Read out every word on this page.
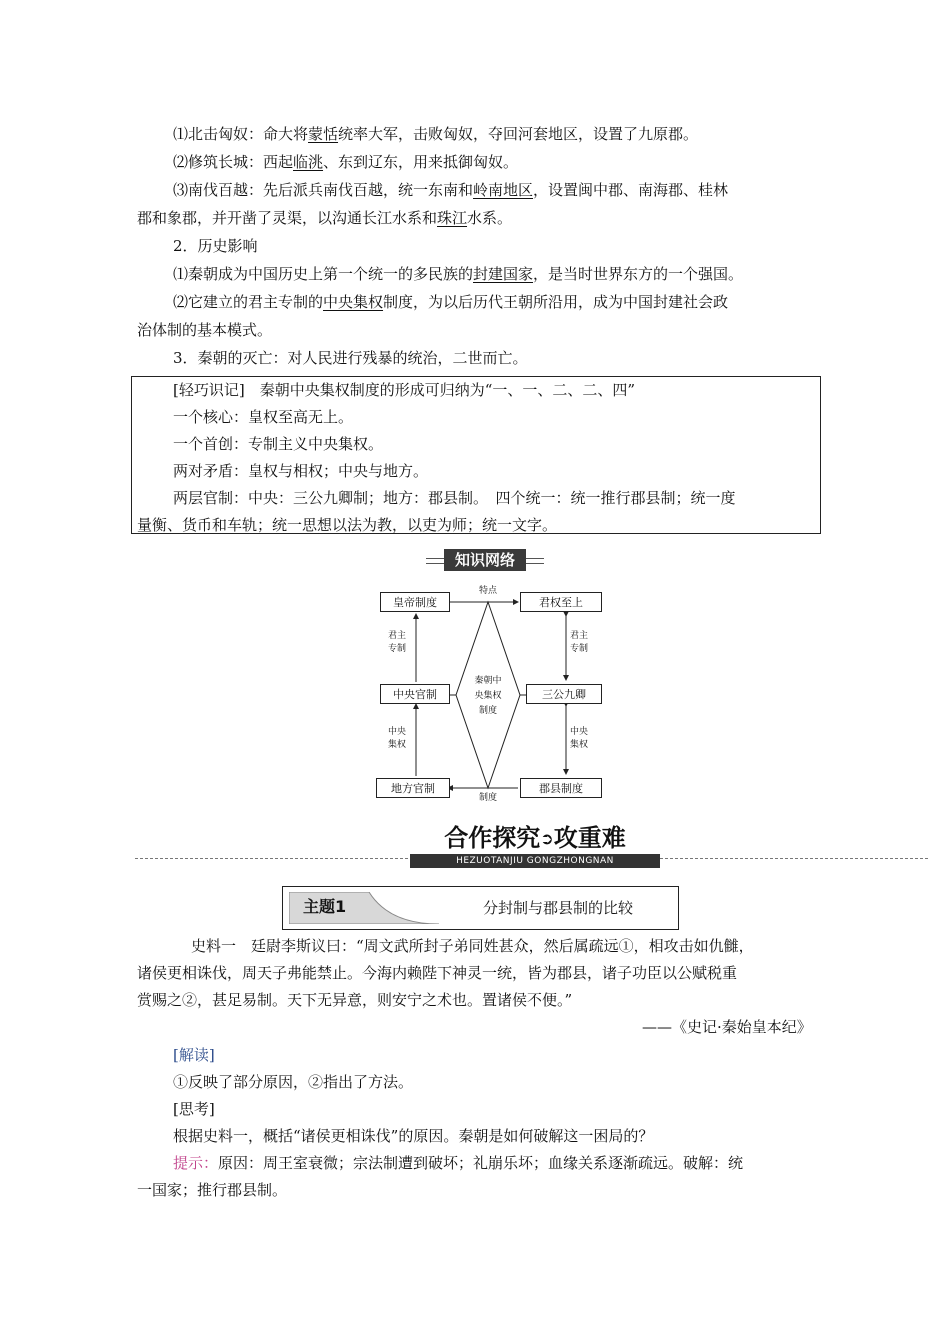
⑴北击匈奴：命大将蒙恬统率大军，击败匈奴，夺回河套地区，设置了九原郡。
⑵修筑长城：西起临洮、东到辽东，用来抵御匈奴。
⑶南伐百越：先后派兵南伐百越，统一东南和岭南地区，设置闽中郡、南海郡、桂林
郡和象郡，并开凿了灵渠，以沟通长江水系和珠江水系。
2．历史影响
⑴秦朝成为中国历史上第一个统一的多民族的封建国家，是当时世界东方的一个强国。
⑵它建立的君主专制的中央集权制度，为以后历代王朝所沿用，成为中国封建社会政
治体制的基本模式。
3．秦朝的灭亡：对人民进行残暴的统治，二世而亡。
[轻巧识记]　秦朝中央集权制度的形成可归纳为“一、一、二、二、四”
一个核心：皇权至高无上。
一个首创：专制主义中央集权。
两对矛盾：皇权与相权；中央与地方。
两层官制：中央：三公九卿制；地方：郡县制。　四个统一：统一推行郡县制；统一度
量衡、货币和车轨；统一思想以法为教，以吏为师；统一文字。
知识网络
皇帝制度	君权至上
中央官制	三公九卿
地方官制	郡县制度
特点
制度
君主
专制
君主
专制
中央
集权
中央
集权
秦朝中
央集权
制度
合作探究➲攻重难
HEZUOTANJIU GONGZHONGNAN
主题1	分封制与郡县制的比较
史料一　廷尉李斯议曰：“周文武所封子弟同姓甚众，然后属疏远①，相攻击如仇雠，
诸侯更相诛伐，周天子弗能禁止。今海内赖陛下神灵一统，皆为郡县，诸子功臣以公赋税重
赏赐之②，甚足易制。天下无异意，则安宁之术也。置诸侯不便。”
——《史记·秦始皇本纪》
[解读]
①反映了部分原因，②指出了方法。
[思考]
根据史料一，概括“诸侯更相诛伐”的原因。秦朝是如何破解这一困局的？
提示：原因：周王室衰微；宗法制遭到破坏；礼崩乐坏；血缘关系逐渐疏远。破解：统
一国家；推行郡县制。
